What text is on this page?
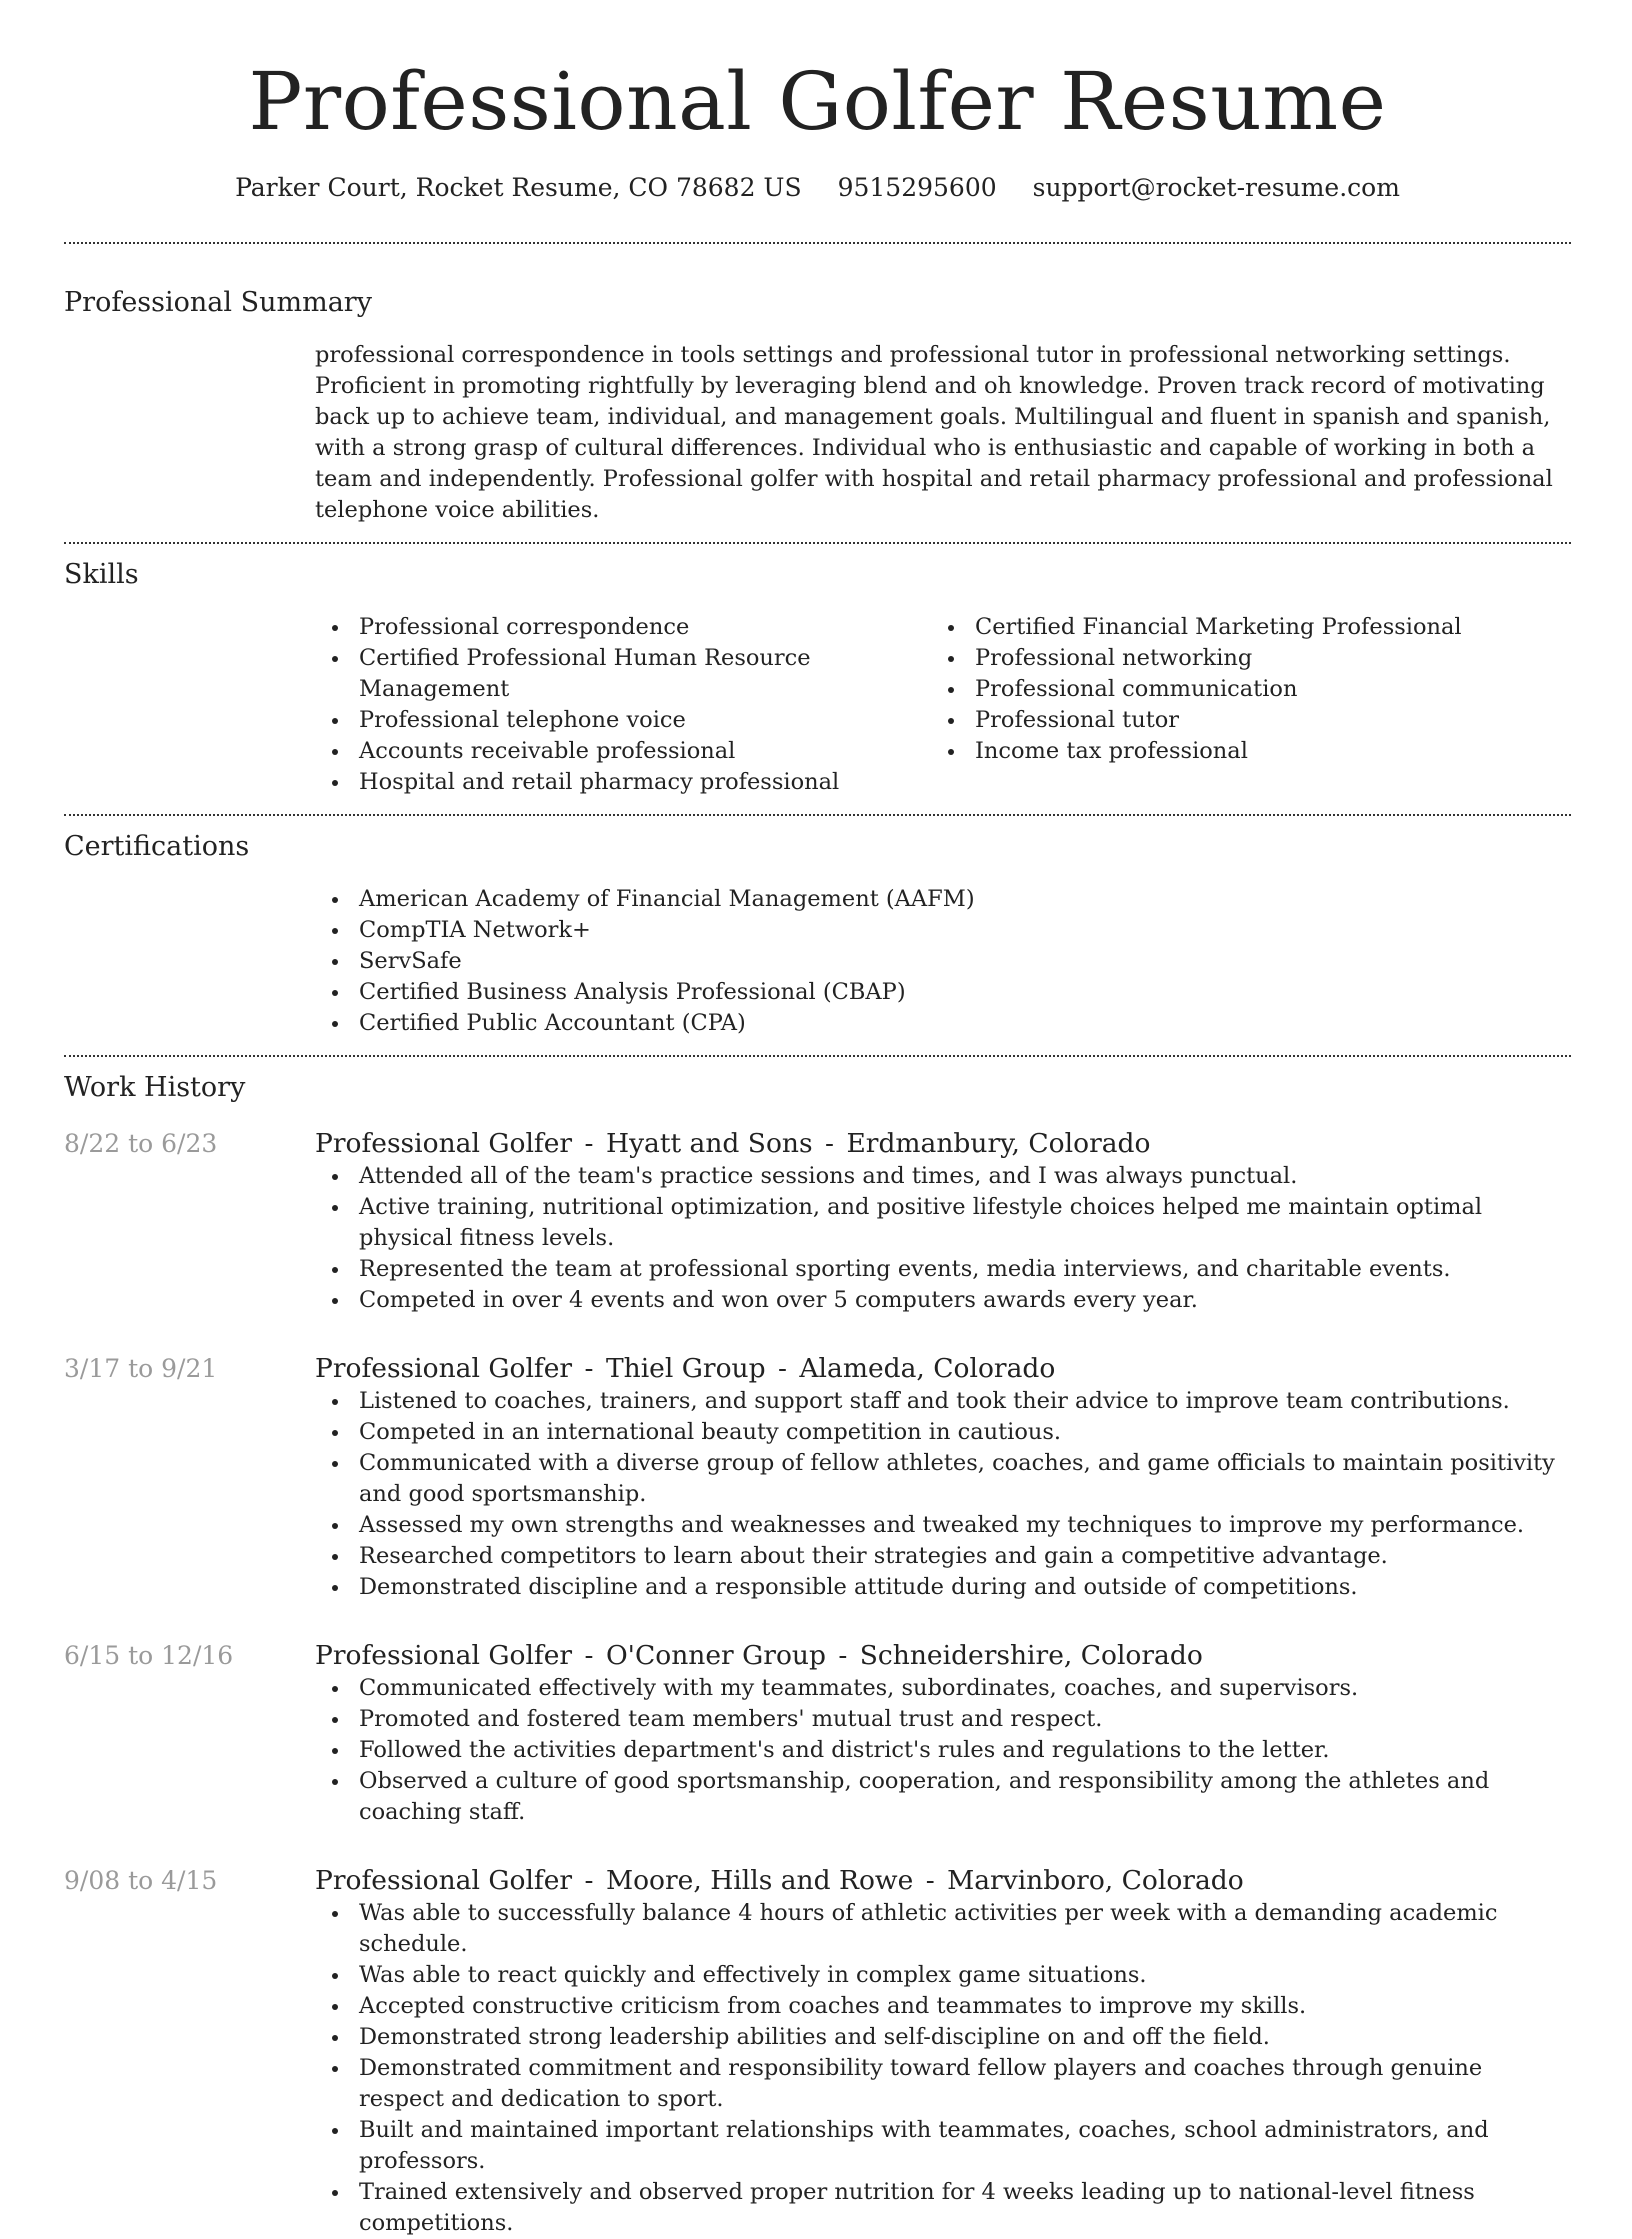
Professional Golfer Resume
Parker Court, Rocket Resume, CO 78682 US 9515295600 support@rocket-resume.com
Professional Summary
professional correspondence in tools settings and professional tutor in professional networking settings. Proficient in promoting rightfully by leveraging blend and oh knowledge. Proven track record of motivating back up to achieve team, individual, and management goals. Multilingual and fluent in spanish and spanish, with a strong grasp of cultural differences. Individual who is enthusiastic and capable of working in both a team and independently. Professional golfer with hospital and retail pharmacy professional and professional telephone voice abilities.
Skills
Professional correspondence
Certified Professional Human Resource Management
Professional telephone voice
Accounts receivable professional
Hospital and retail pharmacy professional
Certified Financial Marketing Professional
Professional networking
Professional communication
Professional tutor
Income tax professional
Certifications
American Academy of Financial Management (AAFM)
CompTIA Network+
ServSafe
Certified Business Analysis Professional (CBAP)
Certified Public Accountant (CPA)
Work History
8/22 to 6/23	Professional Golfer - Hyatt and Sons - Erdmanbury, Colorado
Attended all of the team's practice sessions and times, and I was always punctual.
Active training, nutritional optimization, and positive lifestyle choices helped me maintain optimal physical fitness levels.
Represented the team at professional sporting events, media interviews, and charitable events.
Competed in over 4 events and won over 5 computers awards every year.
3/17 to 9/21	Professional Golfer - Thiel Group - Alameda, Colorado
Listened to coaches, trainers, and support staff and took their advice to improve team contributions.
Competed in an international beauty competition in cautious.
Communicated with a diverse group of fellow athletes, coaches, and game officials to maintain positivity and good sportsmanship.
Assessed my own strengths and weaknesses and tweaked my techniques to improve my performance.
Researched competitors to learn about their strategies and gain a competitive advantage.
Demonstrated discipline and a responsible attitude during and outside of competitions.
6/15 to 12/16	Professional Golfer - O'Conner Group - Schneidershire, Colorado
Communicated effectively with my teammates, subordinates, coaches, and supervisors.
Promoted and fostered team members' mutual trust and respect.
Followed the activities department's and district's rules and regulations to the letter.
Observed a culture of good sportsmanship, cooperation, and responsibility among the athletes and coaching staff.
9/08 to 4/15	Professional Golfer - Moore, Hills and Rowe - Marvinboro, Colorado
Was able to successfully balance 4 hours of athletic activities per week with a demanding academic schedule.
Was able to react quickly and effectively in complex game situations.
Accepted constructive criticism from coaches and teammates to improve my skills.
Demonstrated strong leadership abilities and self-discipline on and off the field.
Demonstrated commitment and responsibility toward fellow players and coaches through genuine respect and dedication to sport.
Built and maintained important relationships with teammates, coaches, school administrators, and professors.
Trained extensively and observed proper nutrition for 4 weeks leading up to national-level fitness competitions.
